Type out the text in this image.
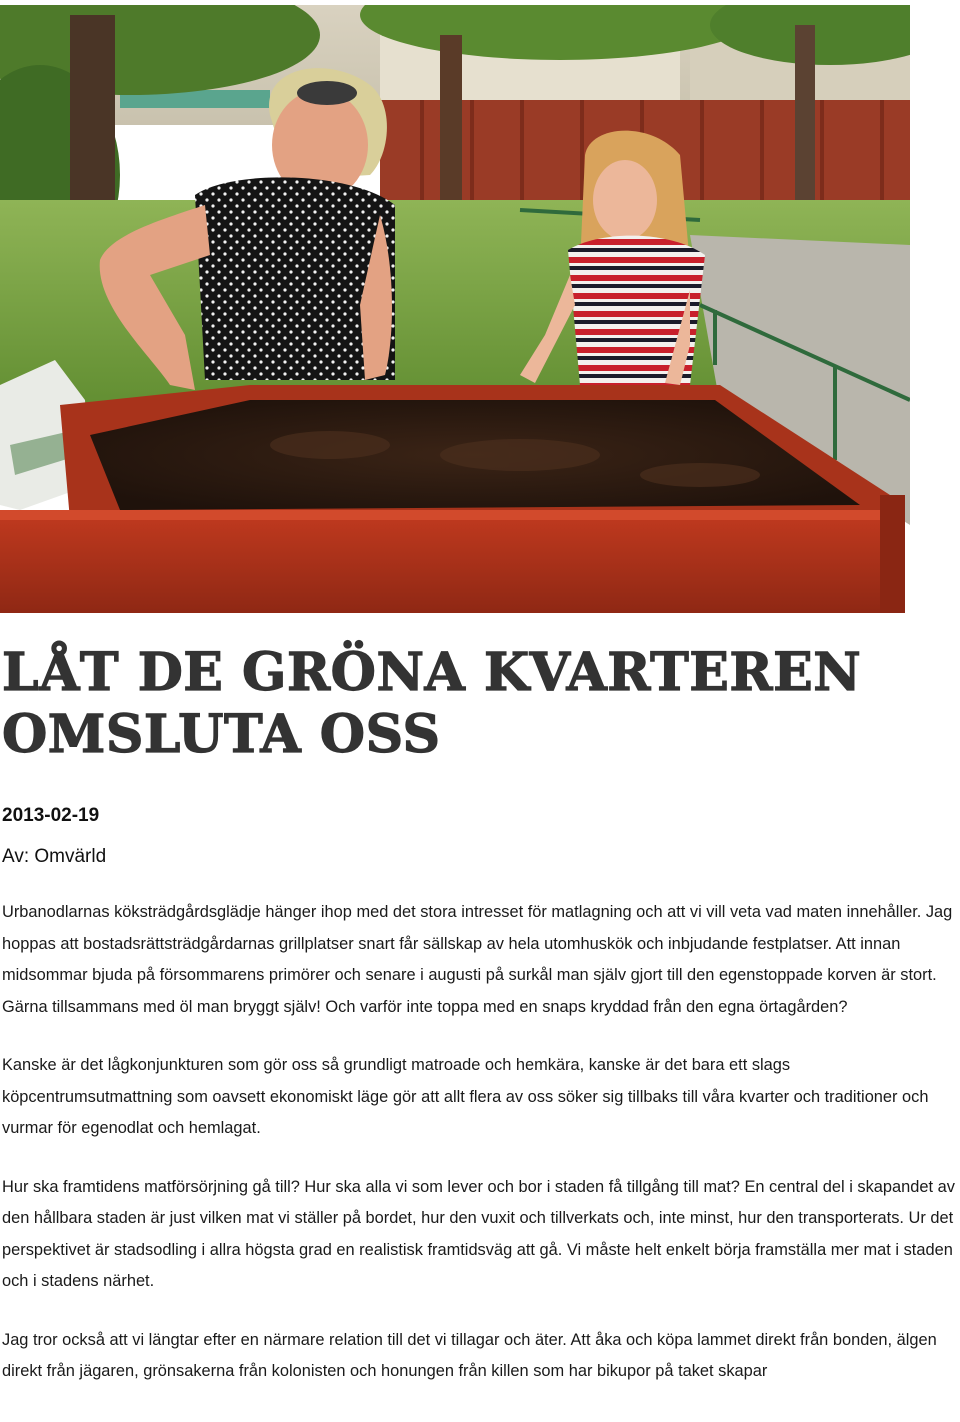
LÅT DE GRÖNA KVARTEREN OMSLUTA OSS
2013-02-19
Av: Omvärld

Urbanodlarnas köksträdgårdsglädje hänger ihop med det stora intresset för matlagning och att vi vill veta vad maten innehåller. Jag hoppas att bostadsrättsträdgårdarnas grillplatser snart får sällskap av hela utomhuskök och inbjudande festplatser. Att innan midsommar bjuda på försommarens primörer och senare i augusti på surkål man själv gjort till den egenstoppade korven är stort. Gärna tillsammans med öl man bryggt själv! Och varför inte toppa med en snaps kryddad från den egna örtagården?

Kanske är det lågkonjunkturen som gör oss så grundligt matroade och hemkära, kanske är det bara ett slags köpcentrumsutmattning som oavsett ekonomiskt läge gör att allt flera av oss söker sig tillbaks till våra kvarter och traditioner och vurmar för egenodlat och hemlagat.

Hur ska framtidens matförsörjning gå till? Hur ska alla vi som lever och bor i staden få tillgång till mat? En central del i skapandet av den hållbara staden är just vilken mat vi ställer på bordet, hur den vuxit och tillverkats och, inte minst, hur den transporterats. Ur det perspektivet är stadsodling i allra högsta grad en realistisk framtidsväg att gå. Vi måste helt enkelt börja framställa mer mat i staden och i stadens närhet.

Jag tror också att vi längtar efter en närmare relation till det vi tillagar och äter. Att åka och köpa lammet direkt från bonden, älgen direkt från jägaren, grönsakerna från kolonisten och honungen från killen som har bikupor på taket skapar
